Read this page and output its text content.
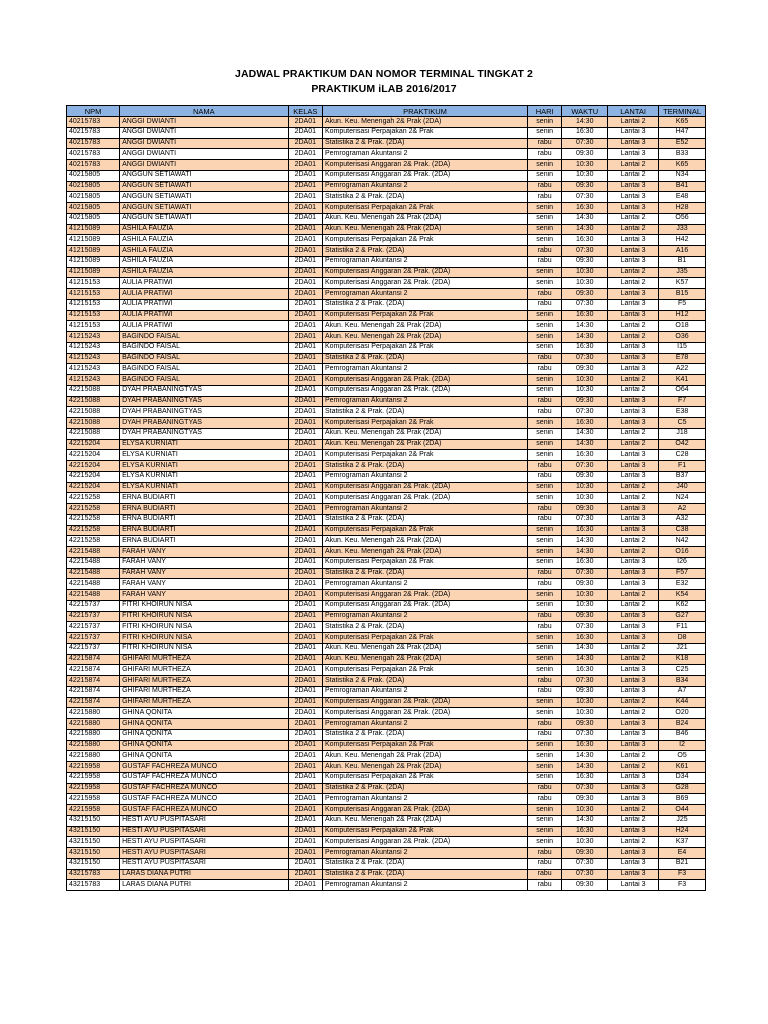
JADWAL PRAKTIKUM DAN NOMOR TERMINAL TINGKAT 2
PRAKTIKUM iLAB 2016/2017
NPM	NAMA	KELAS	PRAKTIKUM	HARI	WAKTU	LANTAI	TERMINAL
40215783	ANGGI DWIANTI	2DA01	Akun. Keu. Menengah 2& Prak (2DA)	senin	14:30	Lantai 2	K65
40215783	ANGGI DWIANTI	2DA01	Komputerisasi Perpajakan 2& Prak	senin	16:30	Lantai 3	H47
40215783	ANGGI DWIANTI	2DA01	Statistika 2 & Prak. (2DA)	rabu	07:30	Lantai 3	E52
40215783	ANGGI DWIANTI	2DA01	Pemrograman Akuntansi 2	rabu	09:30	Lantai 3	B33
40215783	ANGGI DWIANTI	2DA01	Komputerisasi Anggaran 2& Prak. (2DA)	senin	10:30	Lantai 2	K65
40215805	ANGGUN SETIAWATI	2DA01	Komputerisasi Anggaran 2& Prak. (2DA)	senin	10:30	Lantai 2	N34
40215805	ANGGUN SETIAWATI	2DA01	Pemrograman Akuntansi 2	rabu	09:30	Lantai 3	B41
40215805	ANGGUN SETIAWATI	2DA01	Statistika 2 & Prak. (2DA)	rabu	07:30	Lantai 3	E48
40215805	ANGGUN SETIAWATI	2DA01	Komputerisasi Perpajakan 2& Prak	senin	16:30	Lantai 3	H28
40215805	ANGGUN SETIAWATI	2DA01	Akun. Keu. Menengah 2& Prak (2DA)	senin	14:30	Lantai 2	O56
41215089	ASHILA FAUZIA	2DA01	Akun. Keu. Menengah 2& Prak (2DA)	senin	14:30	Lantai 2	J33
41215089	ASHILA FAUZIA	2DA01	Komputerisasi Perpajakan 2& Prak	senin	16:30	Lantai 3	H42
41215089	ASHILA FAUZIA	2DA01	Statistika 2 & Prak. (2DA)	rabu	07:30	Lantai 3	A16
41215089	ASHILA FAUZIA	2DA01	Pemrograman Akuntansi 2	rabu	09:30	Lantai 3	B1
41215089	ASHILA FAUZIA	2DA01	Komputerisasi Anggaran 2& Prak. (2DA)	senin	10:30	Lantai 2	J35
41215153	AULIA PRATIWI	2DA01	Komputerisasi Anggaran 2& Prak. (2DA)	senin	10:30	Lantai 2	K57
41215153	AULIA PRATIWI	2DA01	Pemrograman Akuntansi 2	rabu	09:30	Lantai 3	B15
41215153	AULIA PRATIWI	2DA01	Statistika 2 & Prak. (2DA)	rabu	07:30	Lantai 3	F5
41215153	AULIA PRATIWI	2DA01	Komputerisasi Perpajakan 2& Prak	senin	16:30	Lantai 3	H12
41215153	AULIA PRATIWI	2DA01	Akun. Keu. Menengah 2& Prak (2DA)	senin	14:30	Lantai 2	O18
41215243	BAGINDO FAISAL	2DA01	Akun. Keu. Menengah 2& Prak (2DA)	senin	14:30	Lantai 2	O36
41215243	BAGINDO FAISAL	2DA01	Komputerisasi Perpajakan 2& Prak	senin	16:30	Lantai 3	I15
41215243	BAGINDO FAISAL	2DA01	Statistika 2 & Prak. (2DA)	rabu	07:30	Lantai 3	E78
41215243	BAGINDO FAISAL	2DA01	Pemrograman Akuntansi 2	rabu	09:30	Lantai 3	A22
41215243	BAGINDO FAISAL	2DA01	Komputerisasi Anggaran 2& Prak. (2DA)	senin	10:30	Lantai 2	K41
42215088	DYAH PRABANINGTYAS	2DA01	Komputerisasi Anggaran 2& Prak. (2DA)	senin	10:30	Lantai 2	O64
42215088	DYAH PRABANINGTYAS	2DA01	Pemrograman Akuntansi 2	rabu	09:30	Lantai 3	F7
42215088	DYAH PRABANINGTYAS	2DA01	Statistika 2 & Prak. (2DA)	rabu	07:30	Lantai 3	E38
42215088	DYAH PRABANINGTYAS	2DA01	Komputerisasi Perpajakan 2& Prak	senin	16:30	Lantai 3	C5
42215088	DYAH PRABANINGTYAS	2DA01	Akun. Keu. Menengah 2& Prak (2DA)	senin	14:30	Lantai 2	J18
42215204	ELYSA KURNIATI	2DA01	Akun. Keu. Menengah 2& Prak (2DA)	senin	14:30	Lantai 2	O42
42215204	ELYSA KURNIATI	2DA01	Komputerisasi Perpajakan 2& Prak	senin	16:30	Lantai 3	C28
42215204	ELYSA KURNIATI	2DA01	Statistika 2 & Prak. (2DA)	rabu	07:30	Lantai 3	F1
42215204	ELYSA KURNIATI	2DA01	Pemrograman Akuntansi 2	rabu	09:30	Lantai 3	B37
42215204	ELYSA KURNIATI	2DA01	Komputerisasi Anggaran 2& Prak. (2DA)	senin	10:30	Lantai 2	J40
42215258	ERNA BUDIARTI	2DA01	Komputerisasi Anggaran 2& Prak. (2DA)	senin	10:30	Lantai 2	N24
42215258	ERNA BUDIARTI	2DA01	Pemrograman Akuntansi 2	rabu	09:30	Lantai 3	A2
42215258	ERNA BUDIARTI	2DA01	Statistika 2 & Prak. (2DA)	rabu	07:30	Lantai 3	A32
42215258	ERNA BUDIARTI	2DA01	Komputerisasi Perpajakan 2& Prak	senin	16:30	Lantai 3	C38
42215258	ERNA BUDIARTI	2DA01	Akun. Keu. Menengah 2& Prak (2DA)	senin	14:30	Lantai 2	N42
42215488	FARAH VANY	2DA01	Akun. Keu. Menengah 2& Prak (2DA)	senin	14:30	Lantai 2	O16
42215488	FARAH VANY	2DA01	Komputerisasi Perpajakan 2& Prak	senin	16:30	Lantai 3	I26
42215488	FARAH VANY	2DA01	Statistika 2 & Prak. (2DA)	rabu	07:30	Lantai 3	F57
42215488	FARAH VANY	2DA01	Pemrograman Akuntansi 2	rabu	09:30	Lantai 3	E32
42215488	FARAH VANY	2DA01	Komputerisasi Anggaran 2& Prak. (2DA)	senin	10:30	Lantai 2	K54
42215737	FITRI KHOIRUN NISA	2DA01	Komputerisasi Anggaran 2& Prak. (2DA)	senin	10:30	Lantai 2	K62
42215737	FITRI KHOIRUN NISA	2DA01	Pemrograman Akuntansi 2	rabu	09:30	Lantai 3	G27
42215737	FITRI KHOIRUN NISA	2DA01	Statistika 2 & Prak. (2DA)	rabu	07:30	Lantai 3	F11
42215737	FITRI KHOIRUN NISA	2DA01	Komputerisasi Perpajakan 2& Prak	senin	16:30	Lantai 3	D8
42215737	FITRI KHOIRUN NISA	2DA01	Akun. Keu. Menengah 2& Prak (2DA)	senin	14:30	Lantai 2	J21
42215874	GHIFARI MURTHEZA	2DA01	Akun. Keu. Menengah 2& Prak (2DA)	senin	14:30	Lantai 2	K18
42215874	GHIFARI MURTHEZA	2DA01	Komputerisasi Perpajakan 2& Prak	senin	16:30	Lantai 3	C25
42215874	GHIFARI MURTHEZA	2DA01	Statistika 2 & Prak. (2DA)	rabu	07:30	Lantai 3	B34
42215874	GHIFARI MURTHEZA	2DA01	Pemrograman Akuntansi 2	rabu	09:30	Lantai 3	A7
42215874	GHIFARI MURTHEZA	2DA01	Komputerisasi Anggaran 2& Prak. (2DA)	senin	10:30	Lantai 2	K44
42215880	GHINA QONITA	2DA01	Komputerisasi Anggaran 2& Prak. (2DA)	senin	10:30	Lantai 2	O20
42215880	GHINA QONITA	2DA01	Pemrograman Akuntansi 2	rabu	09:30	Lantai 3	B24
42215880	GHINA QONITA	2DA01	Statistika 2 & Prak. (2DA)	rabu	07:30	Lantai 3	B46
42215880	GHINA QONITA	2DA01	Komputerisasi Perpajakan 2& Prak	senin	16:30	Lantai 3	I2
42215880	GHINA QONITA	2DA01	Akun. Keu. Menengah 2& Prak (2DA)	senin	14:30	Lantai 2	O5
42215958	GUSTAF FACHREZA MUNCO	2DA01	Akun. Keu. Menengah 2& Prak (2DA)	senin	14:30	Lantai 2	K61
42215958	GUSTAF FACHREZA MUNCO	2DA01	Komputerisasi Perpajakan 2& Prak	senin	16:30	Lantai 3	D34
42215958	GUSTAF FACHREZA MUNCO	2DA01	Statistika 2 & Prak. (2DA)	rabu	07:30	Lantai 3	G28
42215958	GUSTAF FACHREZA MUNCO	2DA01	Pemrograman Akuntansi 2	rabu	09:30	Lantai 3	B69
42215958	GUSTAF FACHREZA MUNCO	2DA01	Komputerisasi Anggaran 2& Prak. (2DA)	senin	10:30	Lantai 2	O44
43215150	HESTI AYU PUSPITASARI	2DA01	Akun. Keu. Menengah 2& Prak (2DA)	senin	14:30	Lantai 2	J25
43215150	HESTI AYU PUSPITASARI	2DA01	Komputerisasi Perpajakan 2& Prak	senin	16:30	Lantai 3	H24
43215150	HESTI AYU PUSPITASARI	2DA01	Komputerisasi Anggaran 2& Prak. (2DA)	senin	10:30	Lantai 2	K37
43215150	HESTI AYU PUSPITASARI	2DA01	Pemrograman Akuntansi 2	rabu	09:30	Lantai 3	E4
43215150	HESTI AYU PUSPITASARI	2DA01	Statistika 2 & Prak. (2DA)	rabu	07:30	Lantai 3	B21
43215783	LARAS DIANA PUTRI	2DA01	Statistika 2 & Prak. (2DA)	rabu	07:30	Lantai 3	F3
43215783	LARAS DIANA PUTRI	2DA01	Pemrograman Akuntansi 2	rabu	09:30	Lantai 3	F3
